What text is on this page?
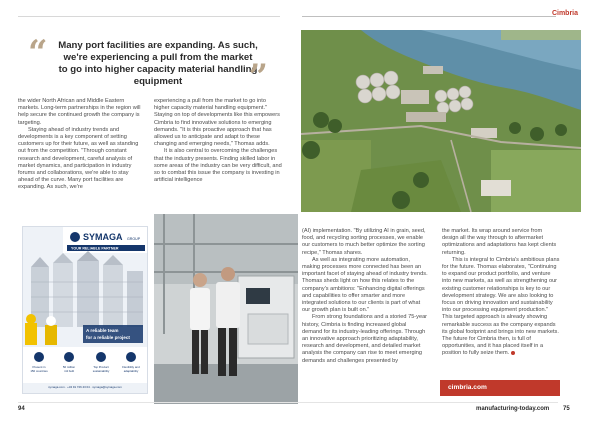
Cimbria
“ Many port facilities are expanding. As such, we're experiencing a pull from the market to go into higher capacity material handling equipment	”

the wider North African and Middle Eastern markets. Long-term partnerships in the region will help secure the continued growth the company is targeting.

Staying ahead of industry trends and developments is a key component of setting customers up for their future, as well as standing out from the competition. "Through constant research and development, careful analysis of market dynamics, and participation in industry forums and collaborations, we're able to stay ahead of the curve. Many port facilities are expanding. As such, we're

experiencing a pull from the market to go into higher capacity material handling equipment." Staying on top of developments like this empowers Cimbria to find innovative solutions to emerging demands. "It is this proactive approach that has allowed us to anticipate and adapt to these changing and emerging needs," Thomas adds.

It is also central to overcoming the challenges that the industry presents. Finding skilled labor in some areas of the industry can be very difficult, and so to combat this issue the company is investing in artificial intelligence

SYMAGA GROUP
YOUR RELIABLE PARTNER
A reliable team
for a reliable project
Present in
150 countries
50 million
m3 built
Top Product
sustainability
Flexibility and
adaptability
symaga.com · +34 91 726 43 04 · symaga@symaga.com

(AI) implementation. "By utilizing AI in grain, seed, food, and recycling sorting processes, we enable our customers to much better optimize the sorting recipe," Thomas shares.

As well as integrating more automation, making processes more connected has been an important facet of staying ahead of industry trends. Thomas sheds light on how this relates to the company's ambitions: "Enhancing digital offerings and capabilities to offer smarter and more integrated solutions to our clients is part of what our growth plan is built on."

From strong foundations and a storied 75-year history, Cimbria is finding increased global demand for its industry-leading offerings. Through an innovative approach prioritizing adaptability, research and development, and detailed market analysis the company can rise to meet emerging demands and challenges presented by

the market. Its wrap around service from design all the way through to aftermarket optimizations and adaptations has kept clients returning.

This is integral to Cimbria's ambitious plans for the future. Thomas elaborates, "Continuing to expand our product portfolio, and venture into new markets, as well as strengthening our existing customer relationships is key to our development strategy. We are also looking to focus on driving innovation and sustainability into our processing equipment production." This targeted approach is already showing remarkable success as the company expands its global footprint and brings into new markets. The future for Cimbria then, is full of opportunities, and it has placed itself in a position to fully seize them.

cimbria.com
94	manufacturing-today.com 75
